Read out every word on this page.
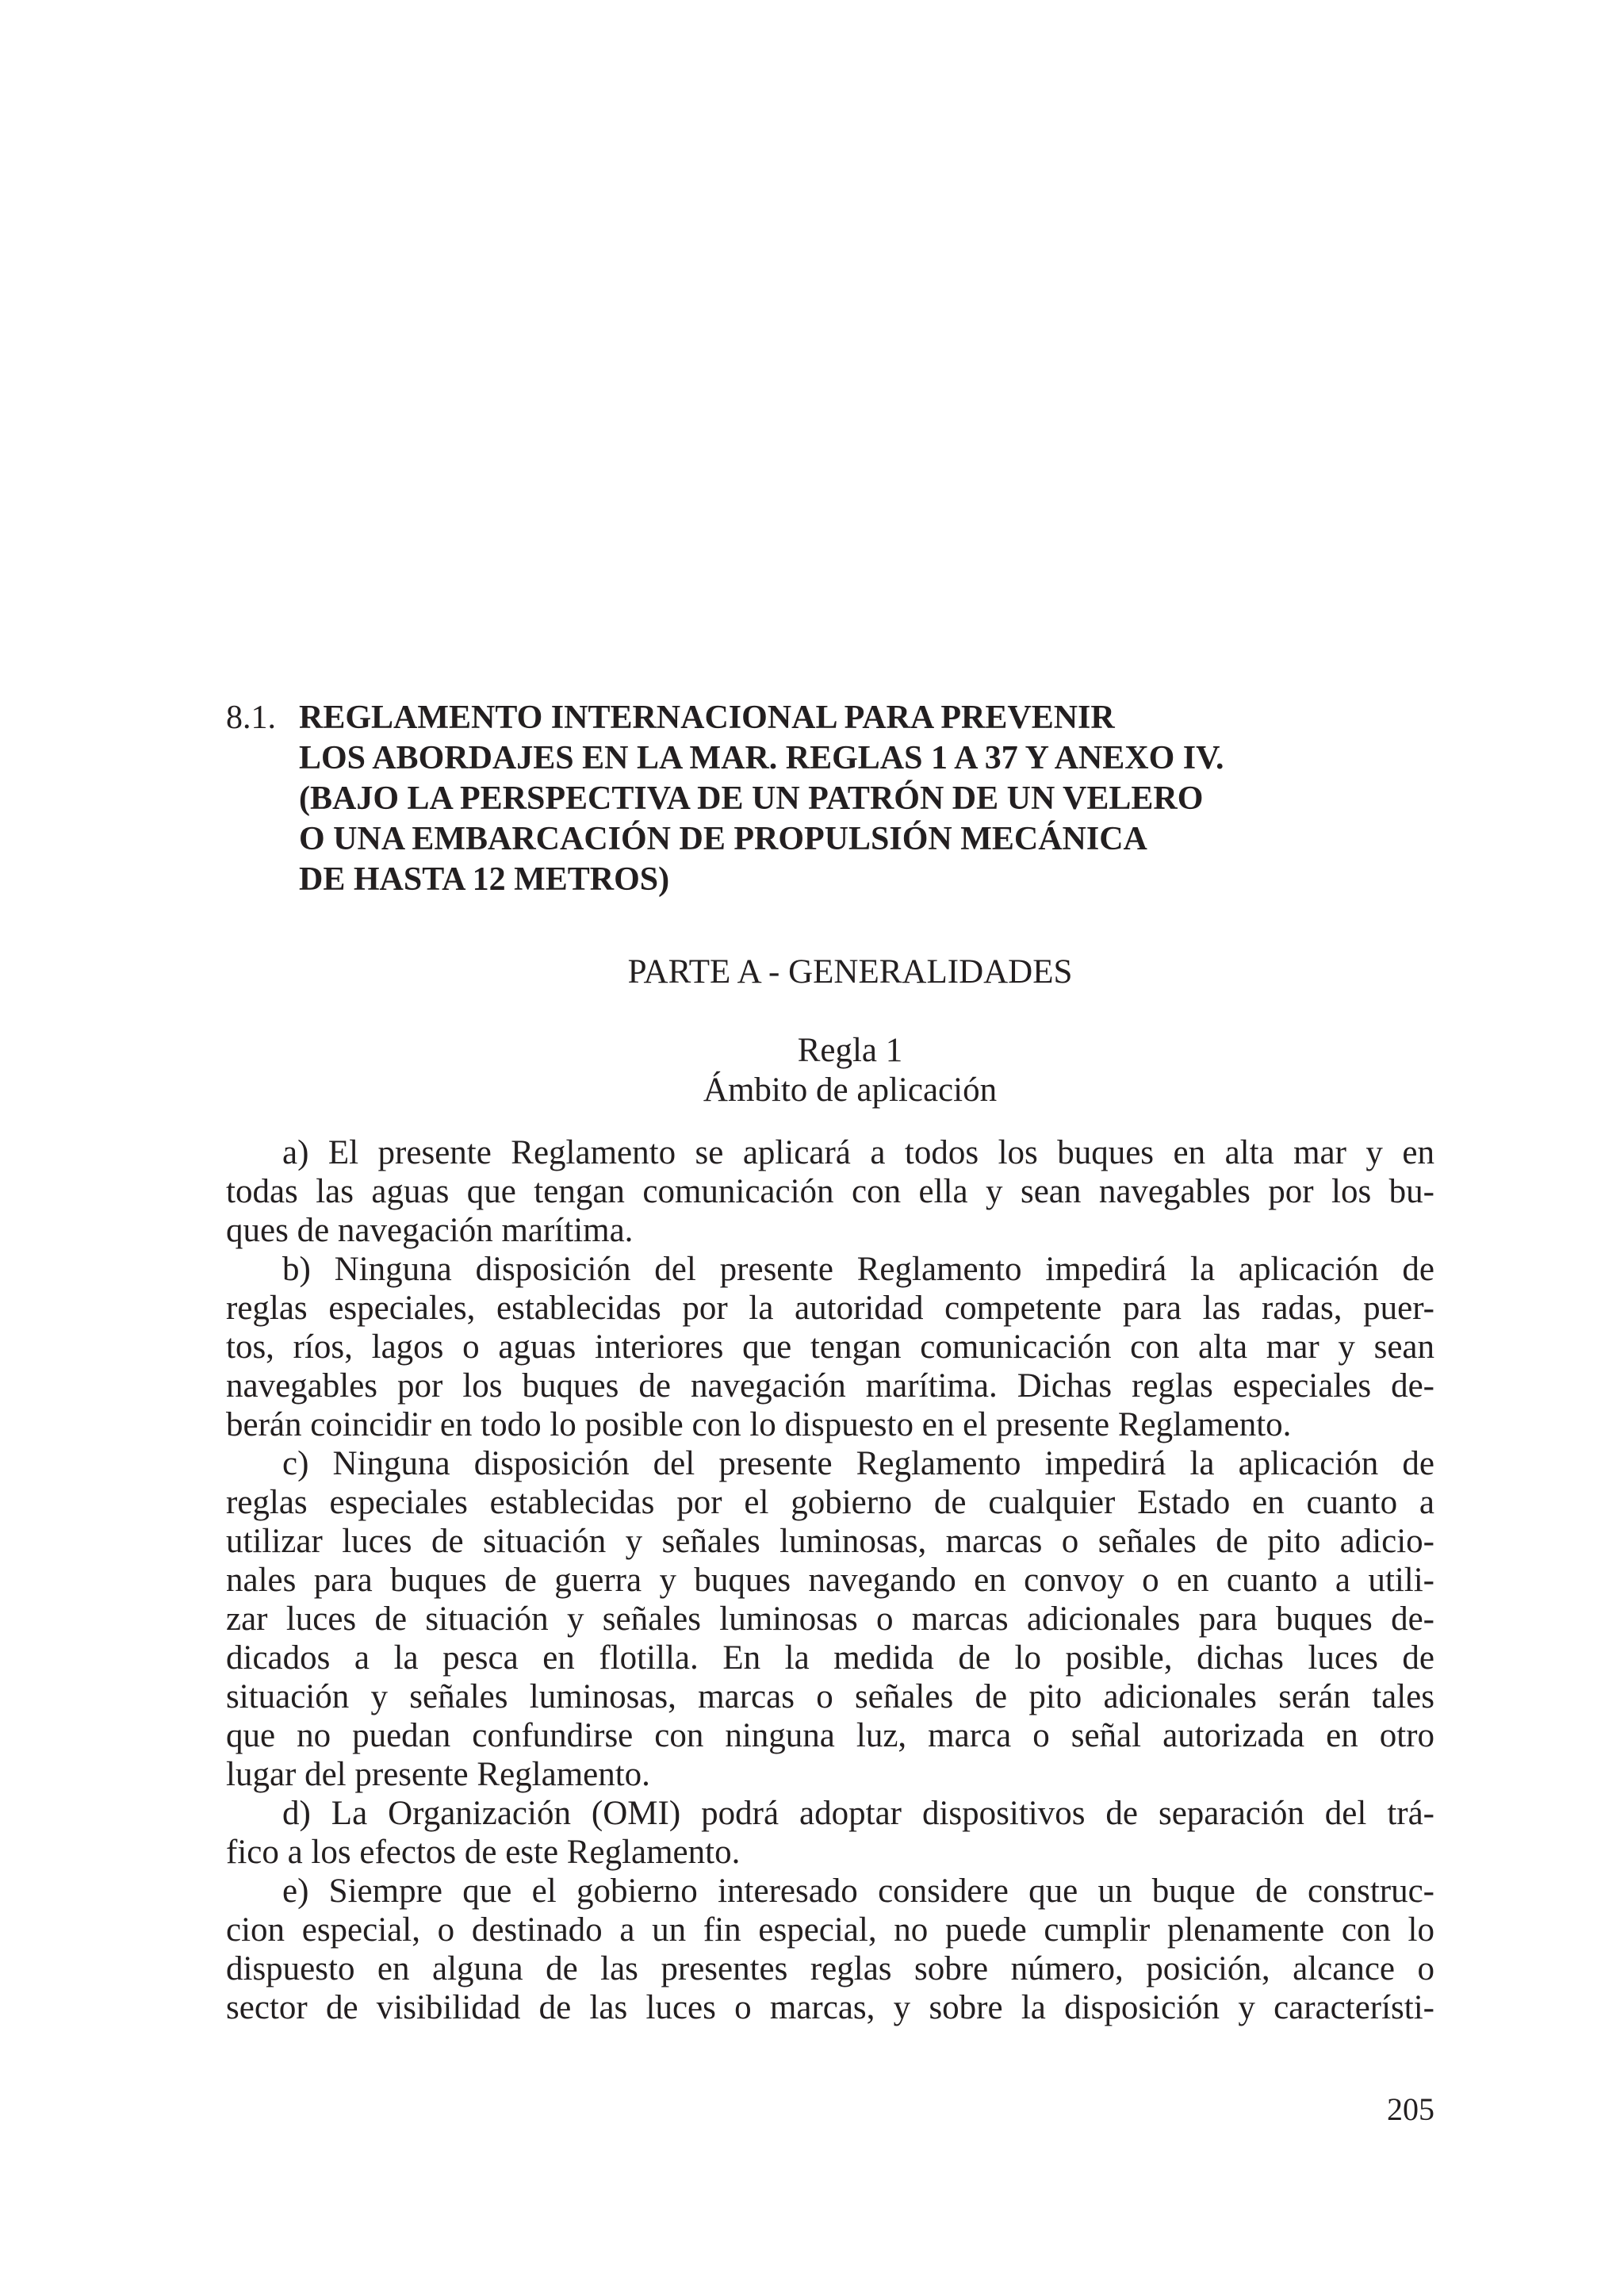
8.1. REGLAMENTO INTERNACIONAL PARA PREVENIR
LOS ABORDAJES EN LA MAR. REGLAS 1 A 37 Y ANEXO IV.
(BAJO LA PERSPECTIVA DE UN PATRÓN DE UN VELERO
O UNA EMBARCACIÓN DE PROPULSIÓN MECÁNICA
DE HASTA 12 METROS)
PARTE A - GENERALIDADES
Regla 1
Ámbito de aplicación

a) El presente Reglamento se aplicará a todos los buques en alta mar y en
todas las aguas que tengan comunicación con ella y sean navegables por los bu-
ques de navegación marítima.

b) Ninguna disposición del presente Reglamento impedirá la aplicación de
reglas especiales, establecidas por la autoridad competente para las radas, puer-
tos, ríos, lagos o aguas interiores que tengan comunicación con alta mar y sean
navegables por los buques de navegación marítima. Dichas reglas especiales de-
berán coincidir en todo lo posible con lo dispuesto en el presente Reglamento.

c) Ninguna disposición del presente Reglamento impedirá la aplicación de
reglas especiales establecidas por el gobierno de cualquier Estado en cuanto a
utilizar luces de situación y señales luminosas, marcas o señales de pito adicio-
nales para buques de guerra y buques navegando en convoy o en cuanto a utili-
zar luces de situación y señales luminosas o marcas adicionales para buques de-
dicados a la pesca en flotilla. En la medida de lo posible, dichas luces de
situación y señales luminosas, marcas o señales de pito adicionales serán tales
que no puedan confundirse con ninguna luz, marca o señal autorizada en otro
lugar del presente Reglamento.

d) La Organización (OMI) podrá adoptar dispositivos de separación del trá-
fico a los efectos de este Reglamento.

e) Siempre que el gobierno interesado considere que un buque de construc-
cion especial, o destinado a un fin especial, no puede cumplir plenamente con lo
dispuesto en alguna de las presentes reglas sobre número, posición, alcance o
sector de visibilidad de las luces o marcas, y sobre la disposición y característi-

205
